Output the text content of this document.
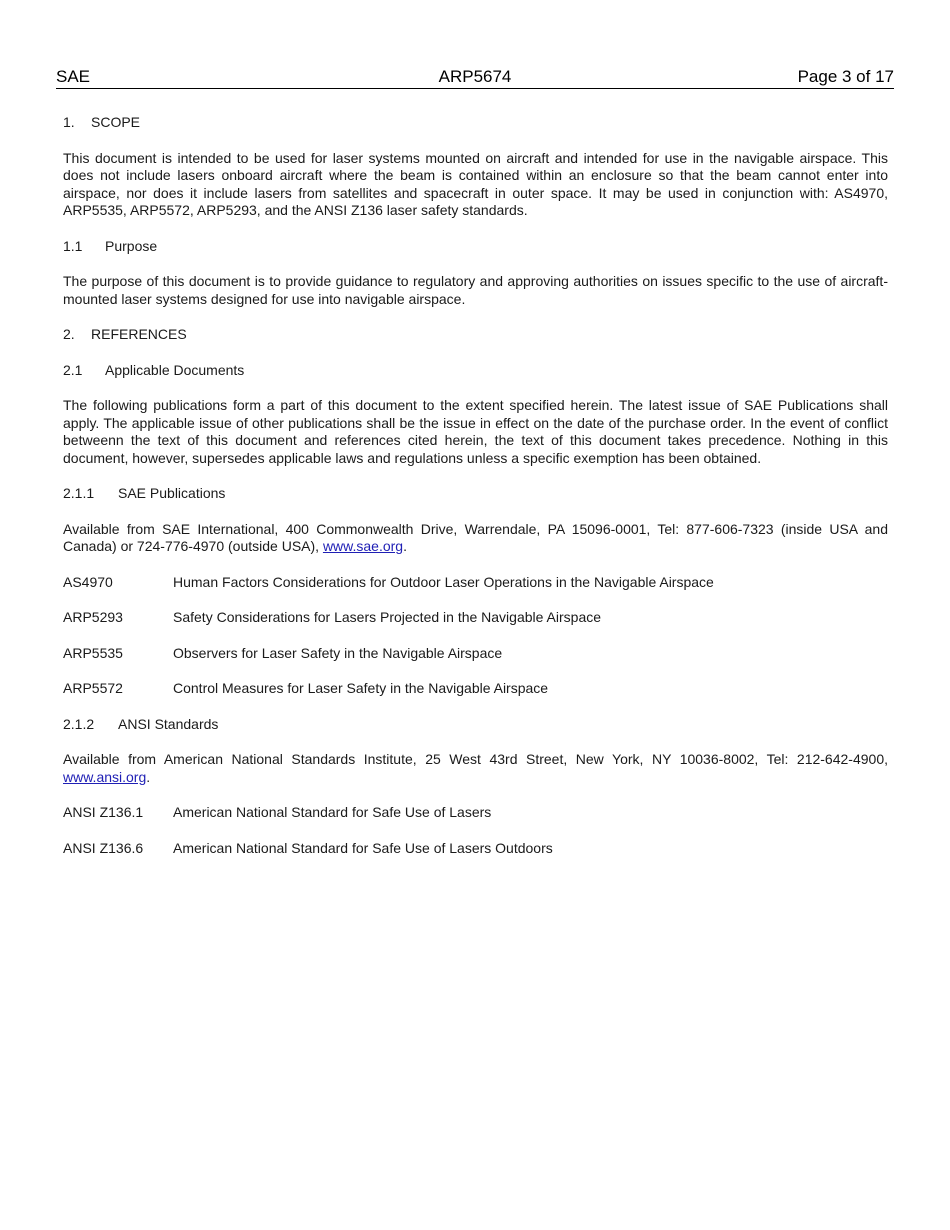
SAE	ARP5674	Page 3 of 17
1. SCOPE

This document is intended to be used for laser systems mounted on aircraft and intended for use in the navigable airspace. This does not include lasers onboard aircraft where the beam is contained within an enclosure so that the beam cannot enter into airspace, nor does it include lasers from satellites and spacecraft in outer space. It may be used in conjunction with: AS4970, ARP5535, ARP5572, ARP5293, and the ANSI Z136 laser safety standards.

1.1 Purpose

The purpose of this document is to provide guidance to regulatory and approving authorities on issues specific to the use of aircraft-mounted laser systems designed for use into navigable airspace.

2. REFERENCES
2.1 Applicable Documents

The following publications form a part of this document to the extent specified herein. The latest issue of SAE Publications shall apply. The applicable issue of other publications shall be the issue in effect on the date of the purchase order. In the event of conflict betweenn the text of this document and references cited herein, the text of this document takes precedence. Nothing in this document, however, supersedes applicable laws and regulations unless a specific exemption has been obtained.

2.1.1 SAE Publications

Available from SAE International, 400 Commonwealth Drive, Warrendale, PA 15096-0001, Tel: 877-606-7323 (inside USA and Canada) or 724-776-4970 (outside USA), www.sae.org.

AS4970	Human Factors Considerations for Outdoor Laser Operations in the Navigable Airspace
ARP5293	Safety Considerations for Lasers Projected in the Navigable Airspace
ARP5535	Observers for Laser Safety in the Navigable Airspace
ARP5572	Control Measures for Laser Safety in the Navigable Airspace
2.1.2 ANSI Standards

Available from American National Standards Institute, 25 West 43rd Street, New York, NY 10036-8002, Tel: 212-642-4900, www.ansi.org.

ANSI Z136.1	American National Standard for Safe Use of Lasers
ANSI Z136.6	American National Standard for Safe Use of Lasers Outdoors
